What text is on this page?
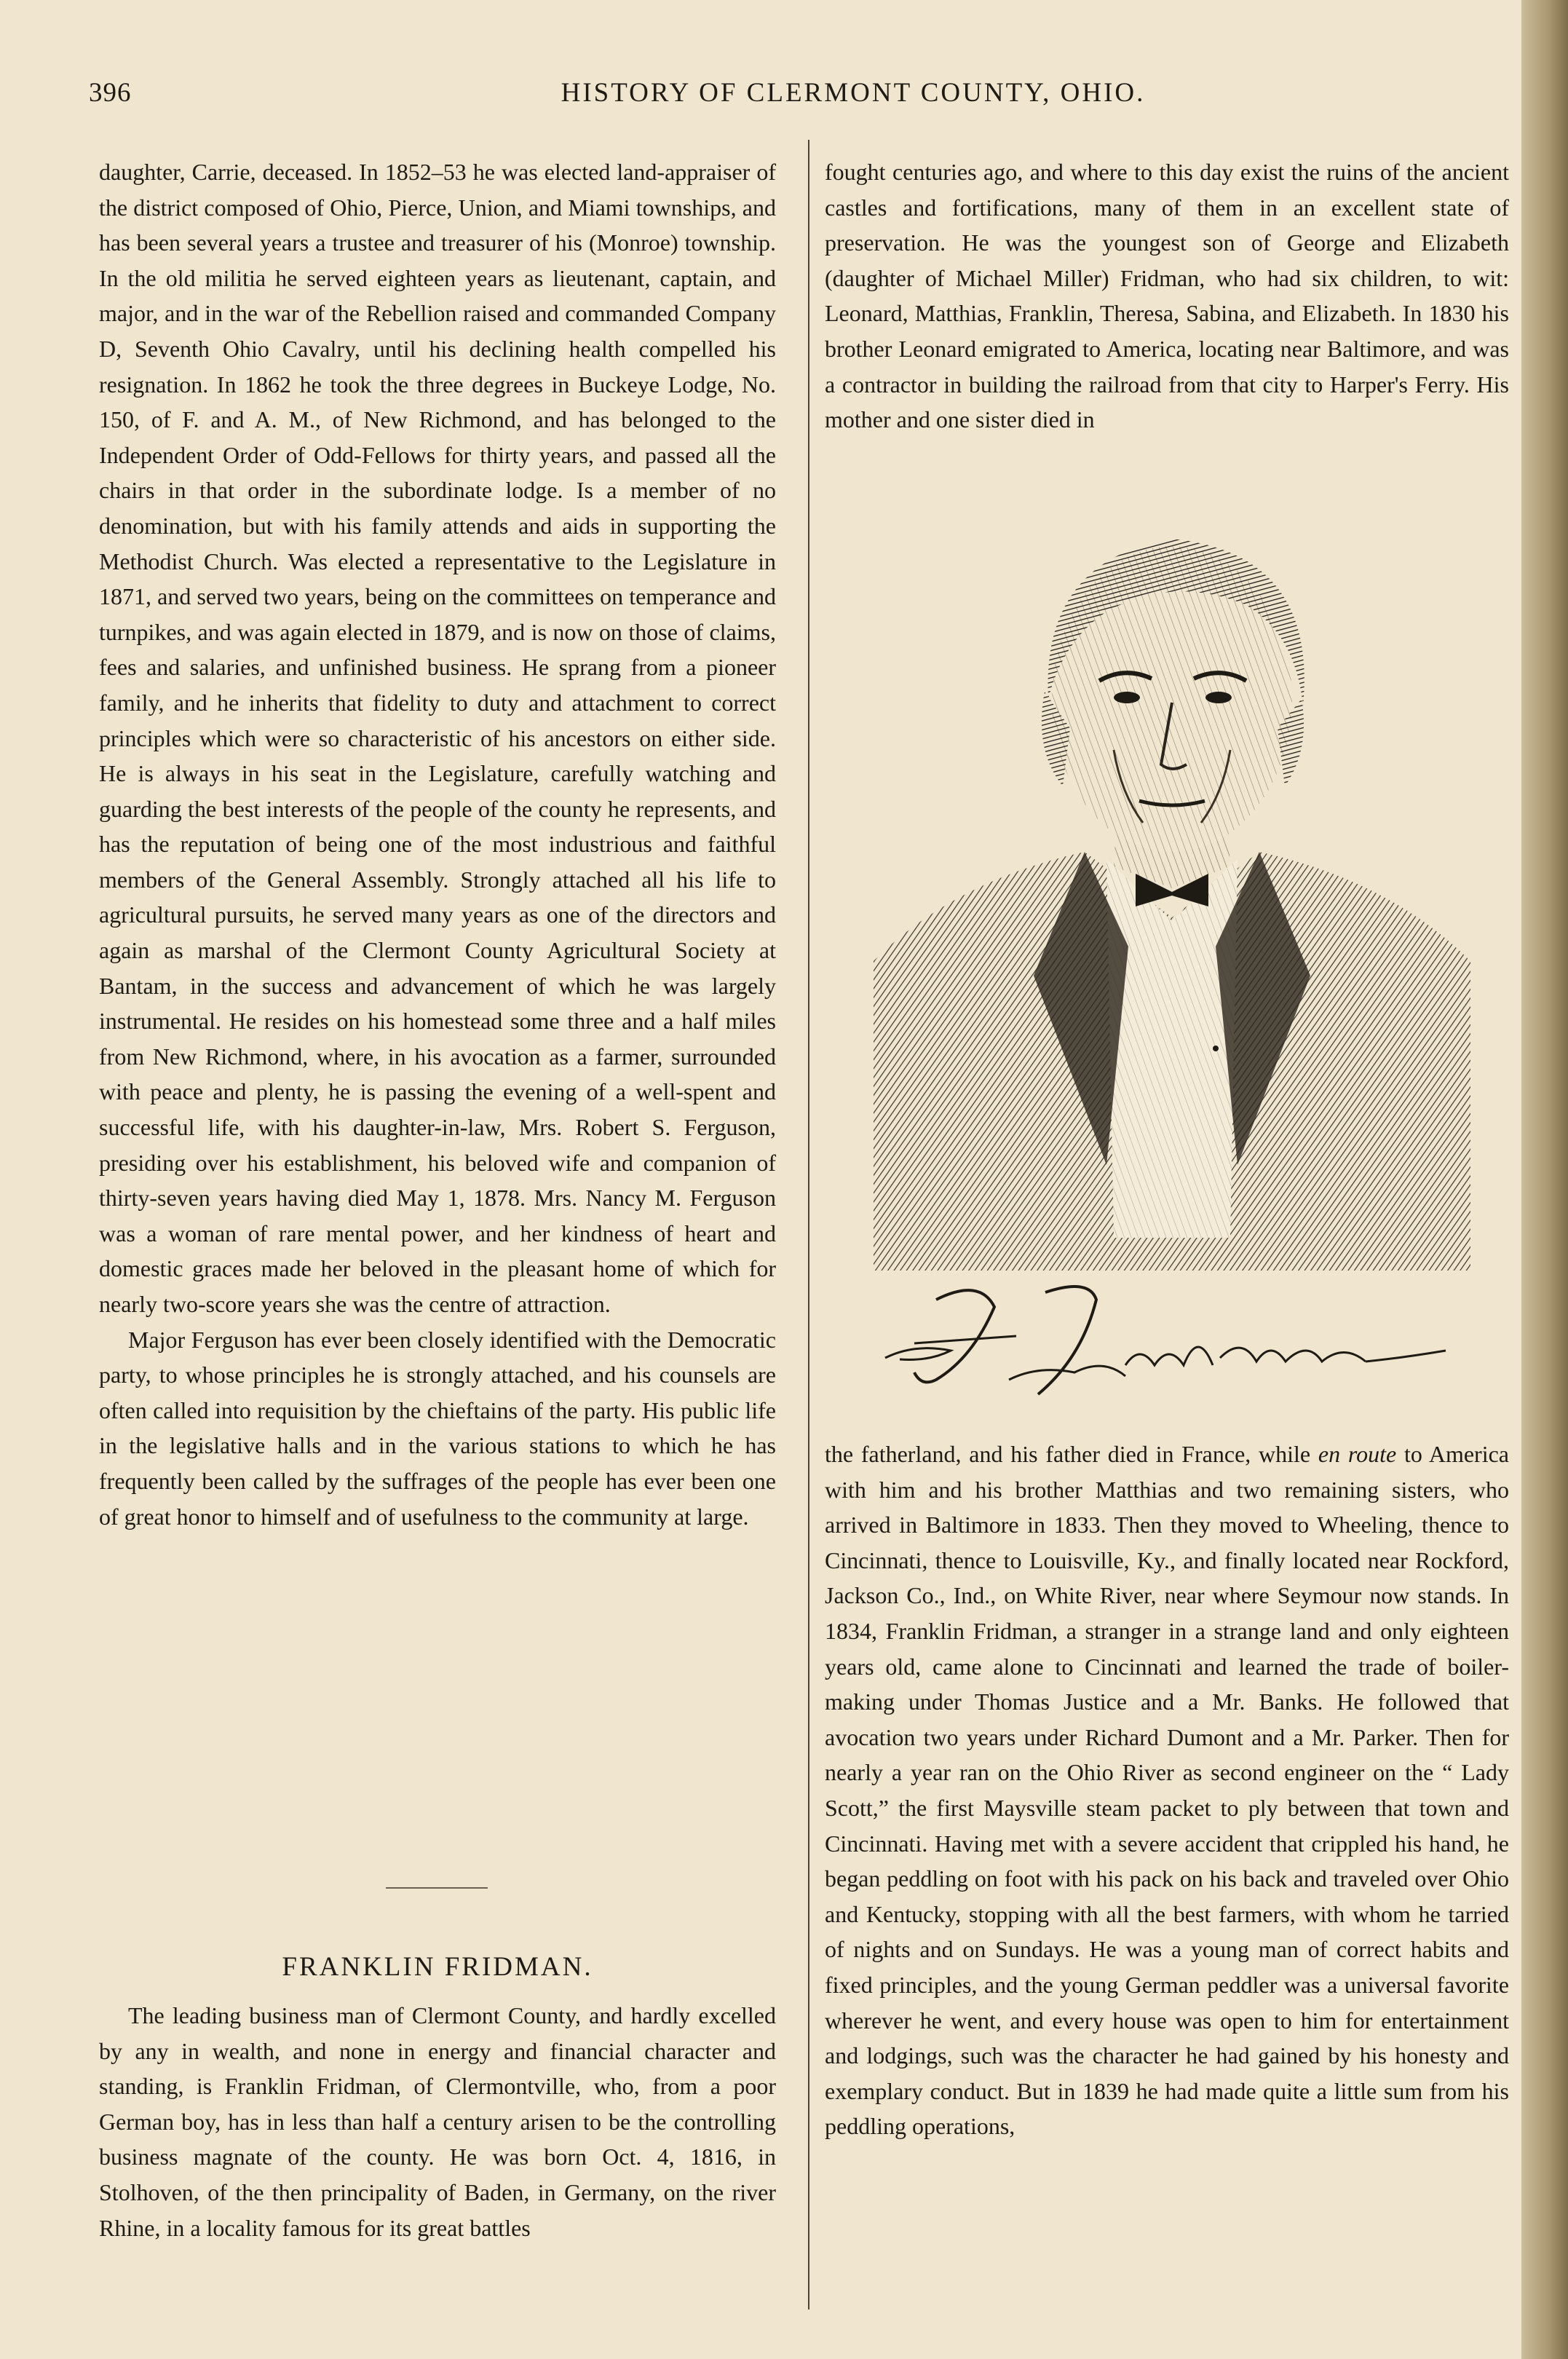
396	HISTORY OF CLERMONT COUNTY, OHIO.

daughter, Carrie, deceased. In 1852–53 he was elected land-appraiser of the district composed of Ohio, Pierce, Union, and Miami townships, and has been several years a trustee and treasurer of his (Monroe) township. In the old militia he served eighteen years as lieutenant, captain, and major, and in the war of the Rebellion raised and commanded Company D, Seventh Ohio Cavalry, until his declining health compelled his resignation. In 1862 he took the three degrees in Buckeye Lodge, No. 150, of F. and A. M., of New Richmond, and has belonged to the Independent Order of Odd-Fellows for thirty years, and passed all the chairs in that order in the subordinate lodge. Is a member of no denomination, but with his family attends and aids in supporting the Methodist Church. Was elected a representative to the Legislature in 1871, and served two years, being on the committees on temperance and turnpikes, and was again elected in 1879, and is now on those of claims, fees and salaries, and unfinished business. He sprang from a pioneer family, and he inherits that fidelity to duty and attachment to correct principles which were so characteristic of his ancestors on either side. He is always in his seat in the Legislature, carefully watching and guarding the best interests of the people of the county he represents, and has the reputation of being one of the most industrious and faithful members of the General Assembly. Strongly attached all his life to agricultural pursuits, he served many years as one of the directors and again as marshal of the Clermont County Agricultural Society at Bantam, in the success and advancement of which he was largely instrumental. He resides on his homestead some three and a half miles from New Richmond, where, in his avocation as a farmer, surrounded with peace and plenty, he is passing the evening of a well-spent and successful life, with his daughter-in-law, Mrs. Robert S. Ferguson, presiding over his establishment, his beloved wife and companion of thirty-seven years having died May 1, 1878. Mrs. Nancy M. Ferguson was a woman of rare mental power, and her kindness of heart and domestic graces made her beloved in the pleasant home of which for nearly two-score years she was the centre of attraction.

Major Ferguson has ever been closely identified with the Democratic party, to whose principles he is strongly attached, and his counsels are often called into requisition by the chieftains of the party. His public life in the legislative halls and in the various stations to which he has frequently been called by the suffrages of the people has ever been one of great honor to himself and of usefulness to the community at large.

FRANKLIN FRIDMAN.

The leading business man of Clermont County, and hardly excelled by any in wealth, and none in energy and financial character and standing, is Franklin Fridman, of Clermontville, who, from a poor German boy, has in less than half a century arisen to be the controlling business magnate of the county. He was born Oct. 4, 1816, in Stolhoven, of the then principality of Baden, in Germany, on the river Rhine, in a locality famous for its great battles

fought centuries ago, and where to this day exist the ruins of the ancient castles and fortifications, many of them in an excellent state of preservation. He was the youngest son of George and Elizabeth (daughter of Michael Miller) Fridman, who had six children, to wit: Leonard, Matthias, Franklin, Theresa, Sabina, and Elizabeth. In 1830 his brother Leonard emigrated to America, locating near Baltimore, and was a contractor in building the railroad from that city to Harper's Ferry. His mother and one sister died in

the fatherland, and his father died in France, while en route to America with him and his brother Matthias and two remaining sisters, who arrived in Baltimore in 1833. Then they moved to Wheeling, thence to Cincinnati, thence to Louisville, Ky., and finally located near Rockford, Jackson Co., Ind., on White River, near where Seymour now stands. In 1834, Franklin Fridman, a stranger in a strange land and only eighteen years old, came alone to Cincinnati and learned the trade of boiler-making under Thomas Justice and a Mr. Banks. He followed that avocation two years under Richard Dumont and a Mr. Parker. Then for nearly a year ran on the Ohio River as second engineer on the “ Lady Scott,” the first Maysville steam packet to ply between that town and Cincinnati. Having met with a severe accident that crippled his hand, he began peddling on foot with his pack on his back and traveled over Ohio and Kentucky, stopping with all the best farmers, with whom he tarried of nights and on Sundays. He was a young man of correct habits and fixed principles, and the young German peddler was a universal favorite wherever he went, and every house was open to him for entertainment and lodgings, such was the character he had gained by his honesty and exemplary conduct. But in 1839 he had made quite a little sum from his peddling operations,
